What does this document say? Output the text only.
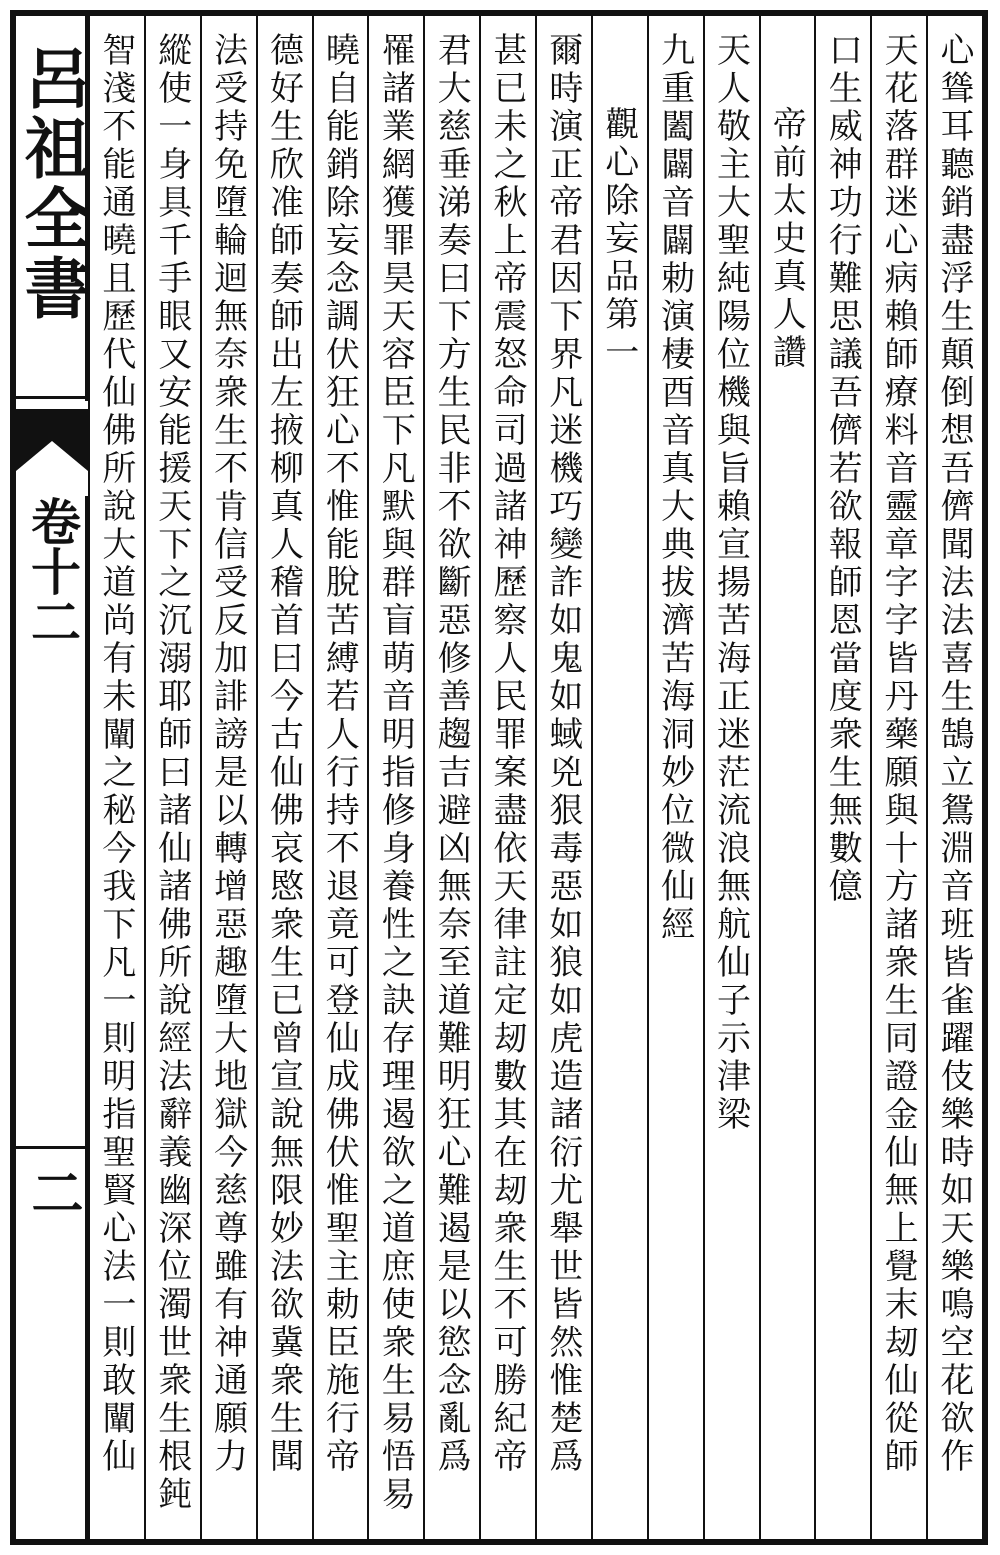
呂祖全書
卷十二
二	心聳耳聽銷盡浮生顛倒想吾儕聞法法喜生鵠立鴛淵音班皆雀躍伎樂時如天樂鳴空花欲作
天花落群迷心病賴師療料音靈章字字皆丹藥願與十方諸衆生同證金仙無上覺末刼仙從師
口生威神功行難思議吾儕若欲報師恩當度衆生無數億
帝前太史真人讚
天人敬主大聖純陽位機與旨賴宣揚苦海正迷茫流浪無航仙子示津梁
九重闔闢音闢勅演棲酉音真大典拔濟苦海洞妙位微仙經
觀心除妄品第一
爾時演正帝君因下界凡迷機巧變詐如鬼如蜮兇狠毒惡如狼如虎造諸衍尤舉世皆然惟楚爲
甚已未之秋上帝震怒命司過諸神歷察人民罪案盡依天律註定刼數其在刼衆生不可勝紀帝
君大慈垂涕奏曰下方生民非不欲斷惡修善趨吉避凶無奈至道難明狂心難遏是以慾念亂爲
罹諸業網獲罪昊天容臣下凡默與群盲萌音明指修身養性之訣存理遏欲之道庶使衆生易悟易
曉自能銷除妄念調伏狂心不惟能脫苦縛若人行持不退竟可登仙成佛伏惟聖主勅臣施行帝
德好生欣准師奏師出左掖柳真人稽首曰今古仙佛哀愍衆生已曾宣說無限妙法欲冀衆生聞
法受持免墮輪迴無奈衆生不肯信受反加誹謗是以轉增惡趣墮大地獄今慈尊雖有神通願力
縱使一身具千手眼又安能援天下之沉溺耶師曰諸仙諸佛所說經法辭義幽深位濁世衆生根鈍
智淺不能通曉且歷代仙佛所說大道尚有未闡之秘今我下凡一則明指聖賢心法一則敢闡仙
